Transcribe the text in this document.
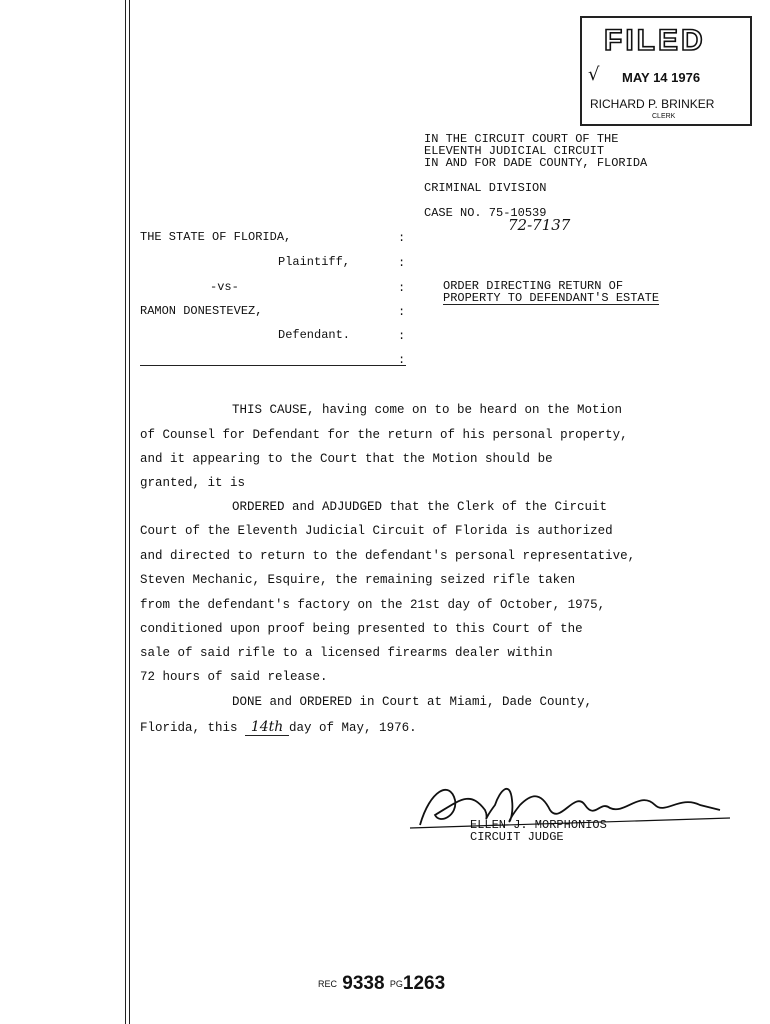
FILED
√ MAY 14 1976
RICHARD P. BRINKER
CLERK
IN THE CIRCUIT COURT OF THE
ELEVENTH JUDICIAL CIRCUIT
IN AND FOR DADE COUNTY, FLORIDA
CRIMINAL DIVISION
CASE NO. 75-10539
72-7137
THE STATE OF FLORIDA,	:
Plaintiff,	:
-vs-	:
RAMON DONESTEVEZ,	:
Defendant.	:
:
ORDER DIRECTING RETURN OF
PROPERTY TO DEFENDANT'S ESTATE
THIS CAUSE, having come on to be heard on the Motion
of Counsel for Defendant for the return of his personal property,
and it appearing to the Court that the Motion should be
granted, it is
ORDERED and ADJUDGED that the Clerk of the Circuit
Court of the Eleventh Judicial Circuit of Florida is authorized
and directed to return to the defendant's personal representative,
Steven Mechanic, Esquire, the remaining seized rifle taken
from the defendant's factory on the 21st day of October, 1975,
conditioned upon proof being presented to this Court of the
sale of said rifle to a licensed firearms dealer within
72 hours of said release.
DONE and ORDERED in Court at Miami, Dade County,
Florida, this 14th day of May, 1976.
ELLEN J. MORPHONIOS
CIRCUIT JUDGE
REC 9338 PG1263
